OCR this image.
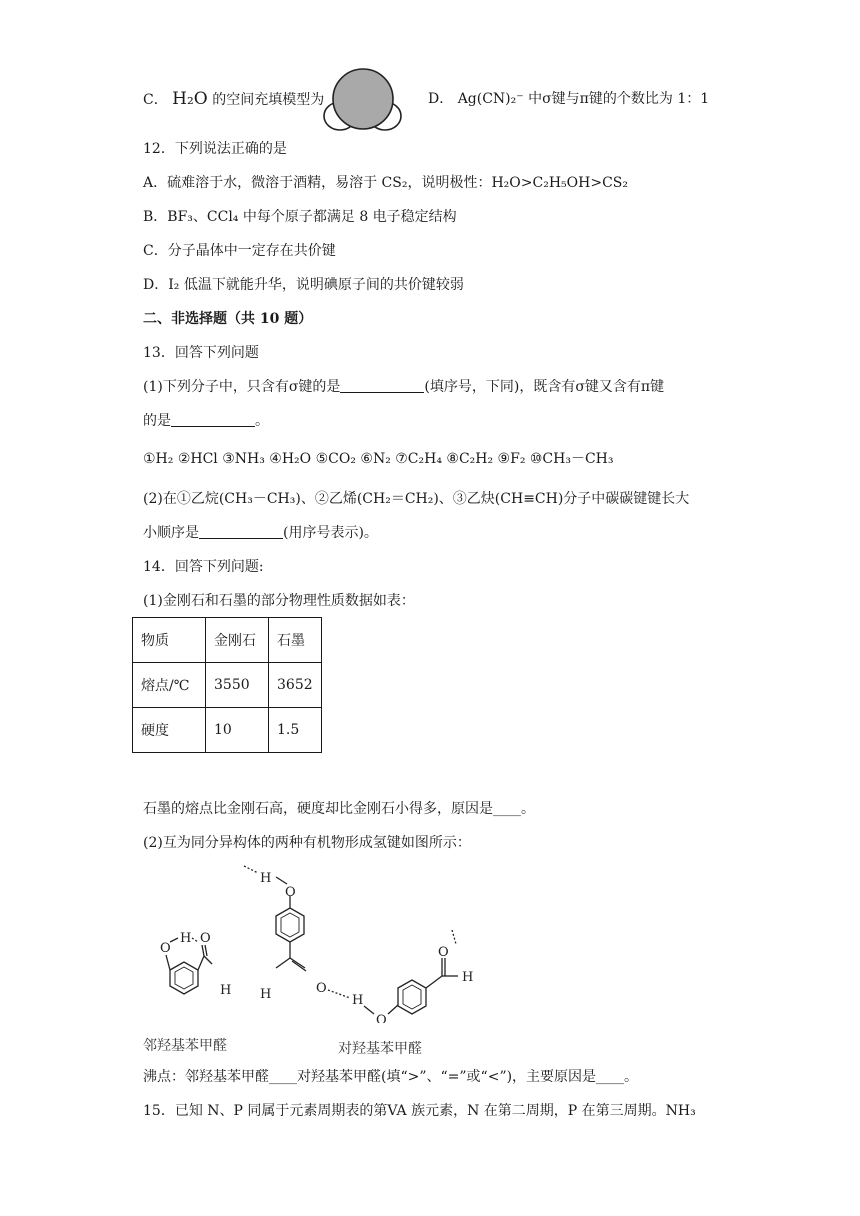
C． H₂O 的空间充填模型为	D． Ag(CN)₂⁻ 中σ键与π键的个数比为 1：1
12．下列说法正确的是
A．硫难溶于水，微溶于酒精，易溶于 CS₂，说明极性：H₂O>C₂H₅OH>CS₂
B．BF₃、CCl₄ 中每个原子都满足 8 电子稳定结构
C．分子晶体中一定存在共价键
D．I₂ 低温下就能升华，说明碘原子间的共价键较弱
二、非选择题（共 10 题）
13．回答下列问题
(1)下列分子中，只含有σ键的是	(填序号，下同)，既含有σ键又含有π键
的是	。
①H₂ ②HCl ③NH₃ ④H₂O ⑤CO₂ ⑥N₂ ⑦C₂H₄ ⑧C₂H₂ ⑨F₂ ⑩CH₃－CH₃
(2)在①乙烷(CH₃－CH₃)、②乙烯(CH₂＝CH₂)、③乙炔(CH≡CH)分子中碳碳键键长大
小顺序是	(用序号表示)。
14．回答下列问题:
(1)金刚石和石墨的部分物理性质数据如表：
物质	金刚石	石墨
熔点/℃	3550	3652
硬度	10	1.5
石墨的熔点比金刚石高，硬度却比金刚石小得多，原因是____。
(2)互为同分异构体的两种有机物形成氢键如图所示：
O
H O
H
H
O
H	O
H
O
O
H
邻羟基苯甲醛	对羟基苯甲醛
沸点：邻羟基苯甲醛____对羟基苯甲醛(填“>”、“=”或“<”)，主要原因是____。
15．已知 N、P 同属于元素周期表的第VA 族元素，N 在第二周期，P 在第三周期。NH₃
